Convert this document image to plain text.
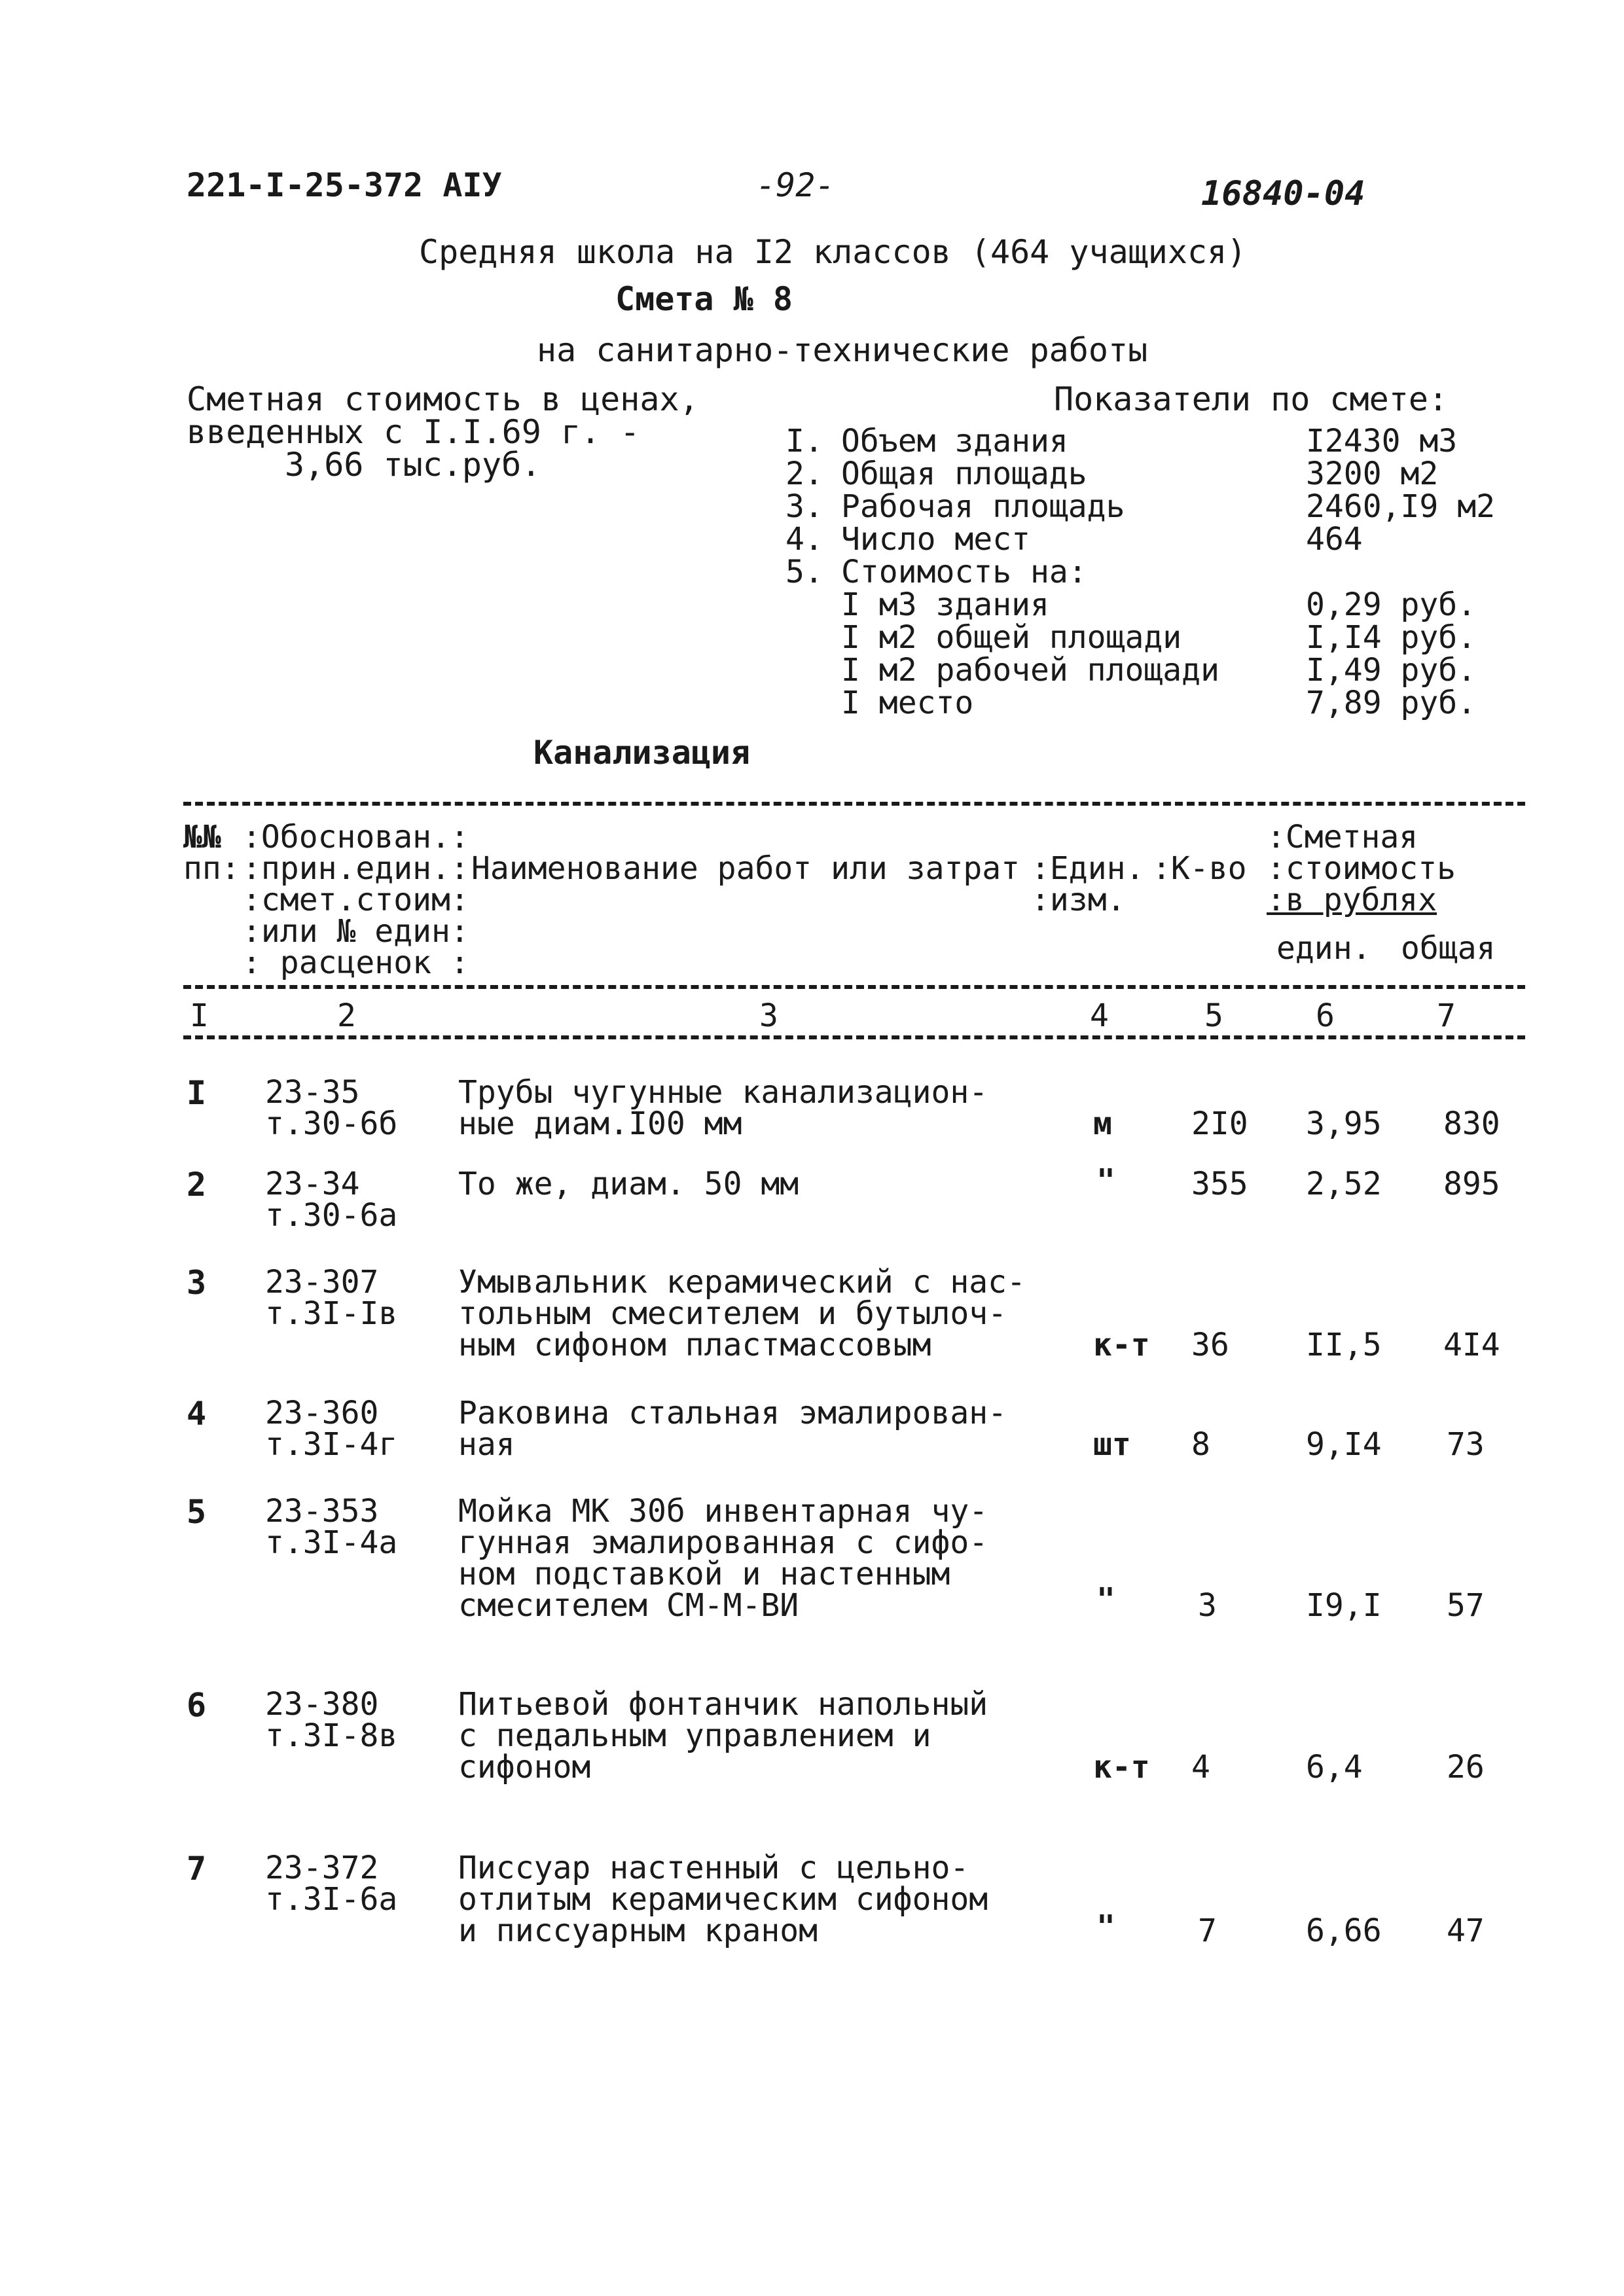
221-I-25-372 AIУ	-92-	16840-04
Средняя школа на I2 классов (464 учащихся)
Смета № 8
на санитарно-технические работы
Сметная стоимость в ценах,
введенных с I.I.69 г. -
3,66 тыс.руб.
Показатели по смете:
I. Объем здания	I2430 м3
2. Общая площадь	3200 м2
3. Рабочая площадь	2460,I9 м2
4. Число мест	464
5. Стоимость на:
I м3 здания	0,29 руб.
I м2 общей площади	I,I4 руб.
I м2 рабочей площади	I,49 руб.
I место	7,89 руб.
Канализация
№№
пп:
:Обоснован.:
:прин.един.:
:смет.стоим:
:или № един:
: расценок :
Наименование работ или затрат :Един.
:изм.
:К-во
:Сметная
:стоимость
:в рублях
един. общая
I	2	3	4	5	6	7
I 23-35
т.30-6б
Трубы чугунные канализацион-
ные диам.I00 мм	м	2I0 3,95 830
2 23-34
т.30-6а
То же, диам. 50 мм	" 355 2,52 895
3 23-307
т.3I-Iв
Умывальник керамический с нас-
тольным смесителем и бутылоч-
ным сифоном пластмассовым	к-т 36 II,5 4I4
4 23-360
т.3I-4г
Раковина стальная эмалирован-
ная	шт 8	9,I4 73
5 23-353
т.3I-4а
Мойка МК 30б инвентарная чу-
гунная эмалированная с сифо-
ном подставкой и настенным
смесителем СМ-М-ВИ	"	3	I9,I 57
6 23-380
т.3I-8в
Питьевой фонтанчик напольный
с педальным управлением и
сифоном	к-т 4	6,4	26
7 23-372
т.3I-6а
Писсуар настенный с цельно-
отлитым керамическим сифоном
и писсуарным краном	"	7	6,66 47
